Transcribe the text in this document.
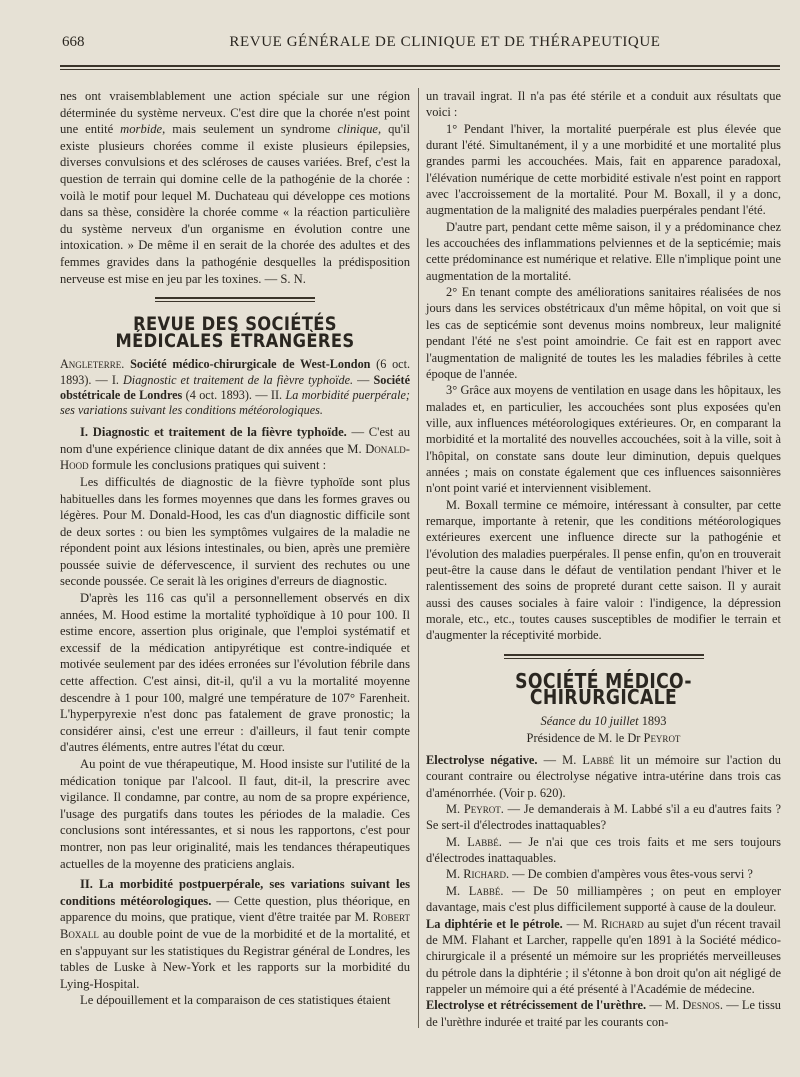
668	REVUE GÉNÉRALE DE CLINIQUE ET DE THÉRAPEUTIQUE

nes ont vraisemblablement une action spéciale sur une région déterminée du système nerveux. C'est dire que la chorée n'est point une entité morbide, mais seulement un syndrome clinique, qu'il existe plusieurs chorées comme il existe plusieurs épilepsies, diverses convulsions et des scléroses de causes variées. Bref, c'est la question de terrain qui domine celle de la pathogénie de la chorée : voilà le motif pour lequel M. Duchateau qui développe ces motions dans sa thèse, considère la chorée comme « la réaction particulière du système nerveux d'un organisme en évolution contre une intoxication. » De même il en serait de la chorée des adultes et des femmes gravides dans la pathogénie desquelles la prédisposition nerveuse est mise en jeu par les toxines. — S. N.

REVUE DES SOCIÉTÉS MÉDICALES ÉTRANGÈRES
Angleterre. Société médico-chirurgicale de West-London (6 oct. 1893). — I. Diagnostic et traitement de la fièvre typhoïde. — Société obstétricale de Londres (4 oct. 1893). — II. La morbidité puerpérale; ses variations suivant les conditions météorologiques.

I. Diagnostic et traitement de la fièvre typhoïde. — C'est au nom d'une expérience clinique datant de dix années que M. Donald-Hood formule les conclusions pratiques qui suivent :

Les difficultés de diagnostic de la fièvre typhoïde sont plus habituelles dans les formes moyennes que dans les formes graves ou légères. Pour M. Donald-Hood, les cas d'un diagnostic difficile sont de deux sortes : ou bien les symptômes vulgaires de la maladie ne répondent point aux lésions intestinales, ou bien, après une première poussée suivie de défervescence, il survient des rechutes ou une seconde poussée. Ce serait là les origines d'erreurs de diagnostic.

D'après les 116 cas qu'il a personnellement observés en dix années, M. Hood estime la mortalité typhoïdique à 10 pour 100. Il estime encore, assertion plus originale, que l'emploi systématif et excessif de la médication antipyrétique est contre-indiquée et motivée seulement par des idées erronées sur l'évolution fébrile dans cette affection. C'est ainsi, dit-il, qu'il a vu la mortalité moyenne descendre à 1 pour 100, malgré une température de 107° Farenheit. L'hyperpyrexie n'est donc pas fatalement de grave pronostic; la considérer ainsi, c'est une erreur : d'ailleurs, il faut tenir compte d'autres éléments, entre autres l'état du cœur.

Au point de vue thérapeutique, M. Hood insiste sur l'utilité de la médication tonique par l'alcool. Il faut, dit-il, la prescrire avec vigilance. Il condamne, par contre, au nom de sa propre expérience, l'usage des purgatifs dans toutes les périodes de la maladie. Ces conclusions sont intéressantes, et si nous les rapportons, c'est pour montrer, non pas leur originalité, mais les tendances thérapeutiques actuelles de la moyenne des praticiens anglais.

II. La morbidité postpuerpérale, ses variations suivant les conditions météorologiques. — Cette question, plus théorique, en apparence du moins, que pratique, vient d'être traitée par M. Robert Boxall au double point de vue de la morbidité et de la mortalité, et en s'appuyant sur les statistiques du Registrar général de Londres, les tables de Luske à New-York et les rapports sur la morbidité du Lying-Hospital.

Le dépouillement et la comparaison de ces statistiques étaient

un travail ingrat. Il n'a pas été stérile et a conduit aux résultats que voici :

1° Pendant l'hiver, la mortalité puerpérale est plus élevée que durant l'été. Simultanément, il y a une morbidité et une mortalité plus grandes parmi les accouchées. Mais, fait en apparence paradoxal, l'élévation numérique de cette morbidité estivale n'est point en rapport avec l'accroissement de la mortalité. Pour M. Boxall, il y a donc, augmentation de la malignité des maladies puerpérales pendant l'été.

D'autre part, pendant cette même saison, il y a prédominance chez les accouchées des inflammations pelviennes et de la septicémie; mais cette prédominance est numérique et relative. Elle n'implique point une augmentation de la mortalité.

2° En tenant compte des améliorations sanitaires réalisées de nos jours dans les services obstétricaux d'un même hôpital, on voit que si les cas de septicémie sont devenus moins nombreux, leur malignité pendant l'été ne s'est point amoindrie. Ce fait est en rapport avec l'augmentation de malignité de toutes les les maladies fébriles à cette époque de l'année.

3° Grâce aux moyens de ventilation en usage dans les hôpitaux, les malades et, en particulier, les accouchées sont plus exposées qu'en ville, aux influences météorologiques extérieures. Or, en comparant la morbidité et la mortalité des nouvelles accouchées, soit à la ville, soit à l'hôpital, on constate sans doute leur diminution, depuis quelques années ; mais on constate également que ces influences saisonnières n'ont point varié et interviennent visiblement.

M. Boxall termine ce mémoire, intéressant à consulter, par cette remarque, importante à retenir, que les conditions météorologiques extérieures exercent une influence directe sur la pathogénie et l'évolution des maladies puerpérales. Il pense enfin, qu'on en trouverait peut-être la cause dans le défaut de ventilation pendant l'hiver et le ralentissement des soins de propreté durant cette saison. Il y aurait aussi des causes sociales à faire valoir : l'indigence, la dépression morale, etc., etc., toutes causes susceptibles de modifier le terrain et d'augmenter la réceptivité morbide.

SOCIÉTÉ MÉDICO-CHIRURGICALE

Séance du 10 juillet 1893

Présidence de M. le Dr Peyrot

Electrolyse négative. — M. Labbé lit un mémoire sur l'action du courant contraire ou électrolyse négative intra-utérine dans trois cas d'aménorrhée. (Voir p. 620).

M. Peyrot. — Je demanderais à M. Labbé s'il a eu d'autres faits ? Se sert-il d'électrodes inattaquables?

M. Labbé. — Je n'ai que ces trois faits et me sers toujours d'électrodes inattaquables.

M. Richard. — De combien d'ampères vous êtes-vous servi ?

M. Labbé. — De 50 milliampères ; on peut en employer davantage, mais c'est plus difficilement supporté à cause de la douleur.

La diphtérie et le pétrole. — M. Richard au sujet d'un récent travail de MM. Flahant et Larcher, rappelle qu'en 1891 à la Société médico-chirurgicale il a présenté un mémoire sur les propriétés merveilleuses du pétrole dans la diphtérie ; il s'étonne à bon droit qu'on ait négligé de rappeler un mémoire qui a été présenté à l'Académie de médecine.

Electrolyse et rétrécissement de l'urèthre. — M. Desnos. — Le tissu de l'urèthre indurée et traité par les courants con-
